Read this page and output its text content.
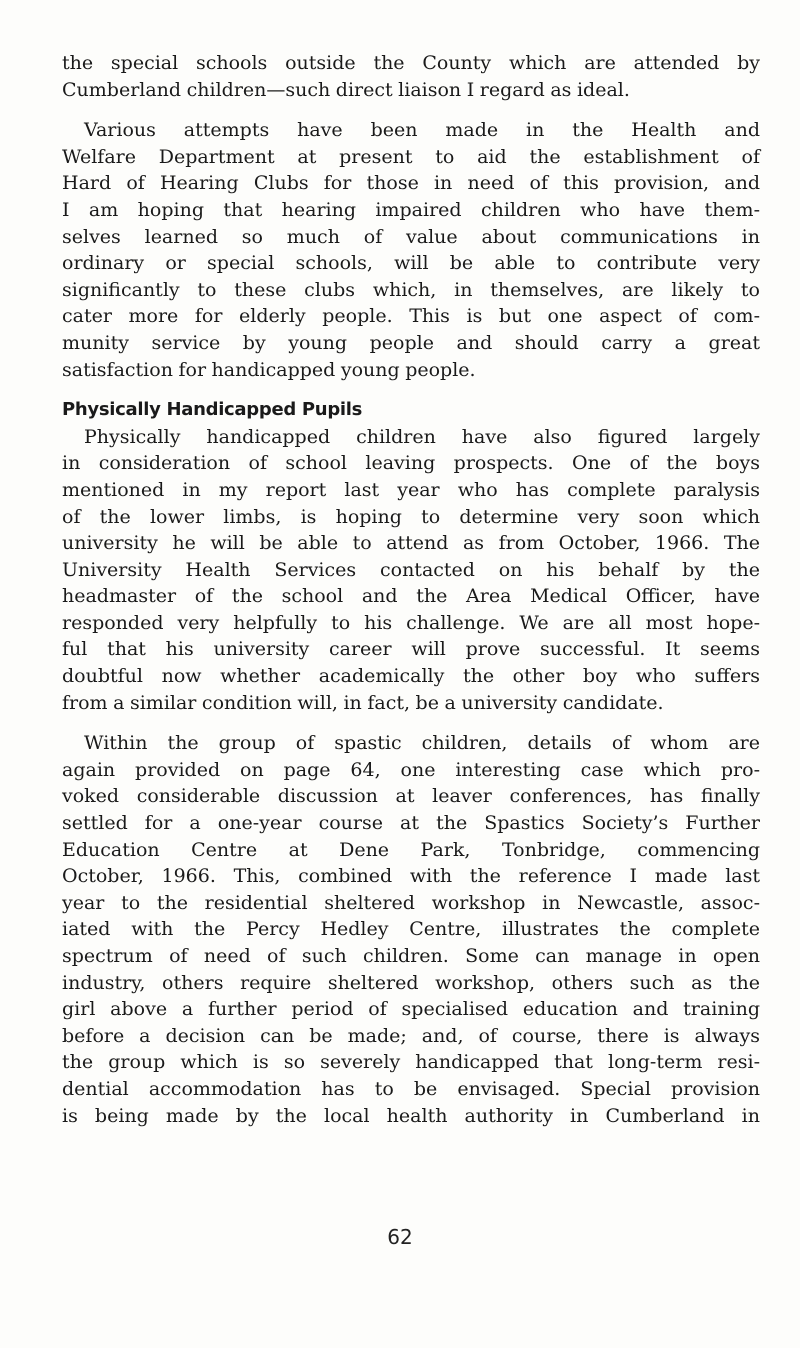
the special schools outside the County which are attended by
Cumberland children—such direct liaison I regard as ideal.
Various attempts have been made in the Health and
Welfare Department at present to aid the establishment of
Hard of Hearing Clubs for those in need of this provision, and
I am hoping that hearing impaired children who have them-
selves learned so much of value about communications in
ordinary or special schools, will be able to contribute very
significantly to these clubs which, in themselves, are likely to
cater more for elderly people. This is but one aspect of com-
munity service by young people and should carry a great
satisfaction for handicapped young people.
Physically Handicapped Pupils
Physically handicapped children have also figured largely
in consideration of school leaving prospects. One of the boys
mentioned in my report last year who has complete paralysis
of the lower limbs, is hoping to determine very soon which
university he will be able to attend as from October, 1966. The
University Health Services contacted on his behalf by the
headmaster of the school and the Area Medical Officer, have
responded very helpfully to his challenge. We are all most hope-
ful that his university career will prove successful. It seems
doubtful now whether academically the other boy who suffers
from a similar condition will, in fact, be a university candidate.
Within the group of spastic children, details of whom are
again provided on page 64, one interesting case which pro-
voked considerable discussion at leaver conferences, has finally
settled for a one-year course at the Spastics Society’s Further
Education Centre at Dene Park, Tonbridge, commencing
October, 1966. This, combined with the reference I made last
year to the residential sheltered workshop in Newcastle, assoc-
iated with the Percy Hedley Centre, illustrates the complete
spectrum of need of such children. Some can manage in open
industry, others require sheltered workshop, others such as the
girl above a further period of specialised education and training
before a decision can be made; and, of course, there is always
the group which is so severely handicapped that long-term resi-
dential accommodation has to be envisaged. Special provision
is being made by the local health authority in Cumberland in
62
